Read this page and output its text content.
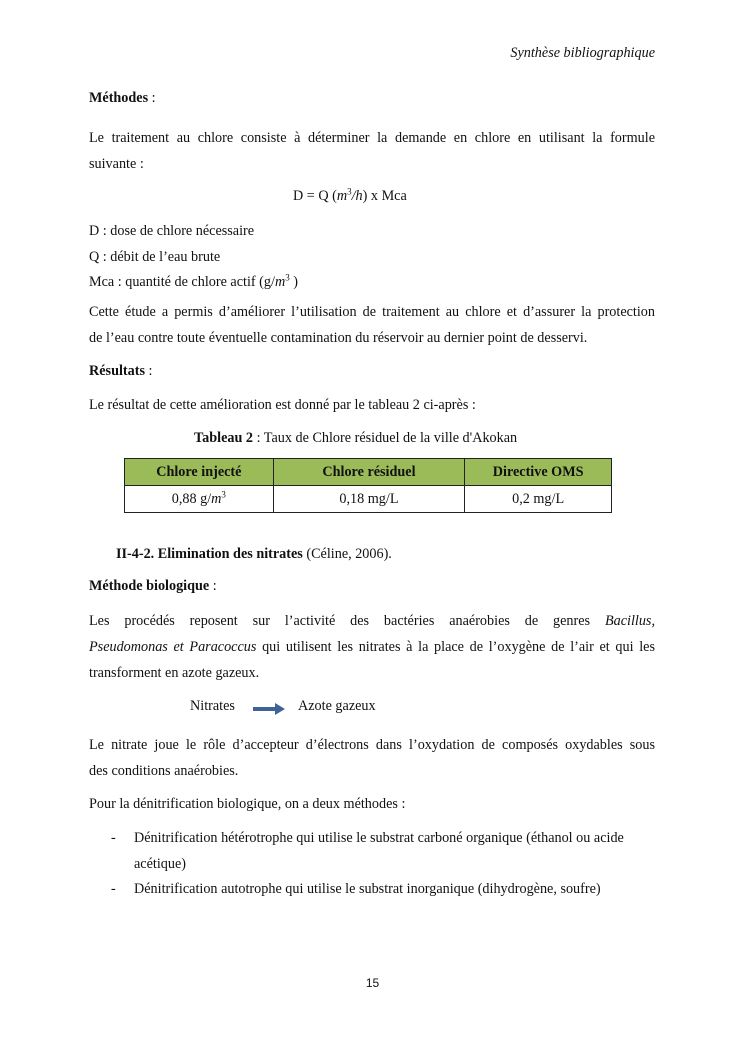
Synthèse bibliographique
Méthodes :
Le traitement au chlore consiste à déterminer la demande en chlore en utilisant la formule
suivante :
D = Q $(m^3/h)$ x Mca
D : dose de chlore nécessaire
Q : débit de l’eau brute
Mca : quantité de chlore actif ($g/m^3$ )
Cette étude a permis d’améliorer l’utilisation de traitement au chlore et d’assurer la protection
de l’eau contre toute éventuelle contamination du réservoir au dernier point de desservi.
Résultats :
Le résultat de cette amélioration est donné par le tableau 2 ci-après :
Tableau 2 : Taux de Chlore résiduel de la ville d'Akokan
Chlore injecté	Chlore résiduel	Directive OMS
0,88 $g/m^3$	0,18 mg/L	0,2 mg/L
II-4-2. Elimination des nitrates (Céline, 2006).
Méthode biologique :
Les procédés reposent sur l’activité des bactéries anaérobies de genres Bacillus,
Pseudomonas et Paracoccus qui utilisent les nitrates à la place de l’oxygène de l’air et qui les
transforment en azote gazeux.
Nitrates	Azote gazeux
Le nitrate joue le rôle d’accepteur d’électrons dans l’oxydation de composés oxydables sous
des conditions anaérobies.
Pour la dénitrification biologique, on a deux méthodes :
- Dénitrification hétérotrophe qui utilise le substrat carboné organique (éthanol ou acide
acétique)
- Dénitrification autotrophe qui utilise le substrat inorganique (dihydrogène, soufre)
15
